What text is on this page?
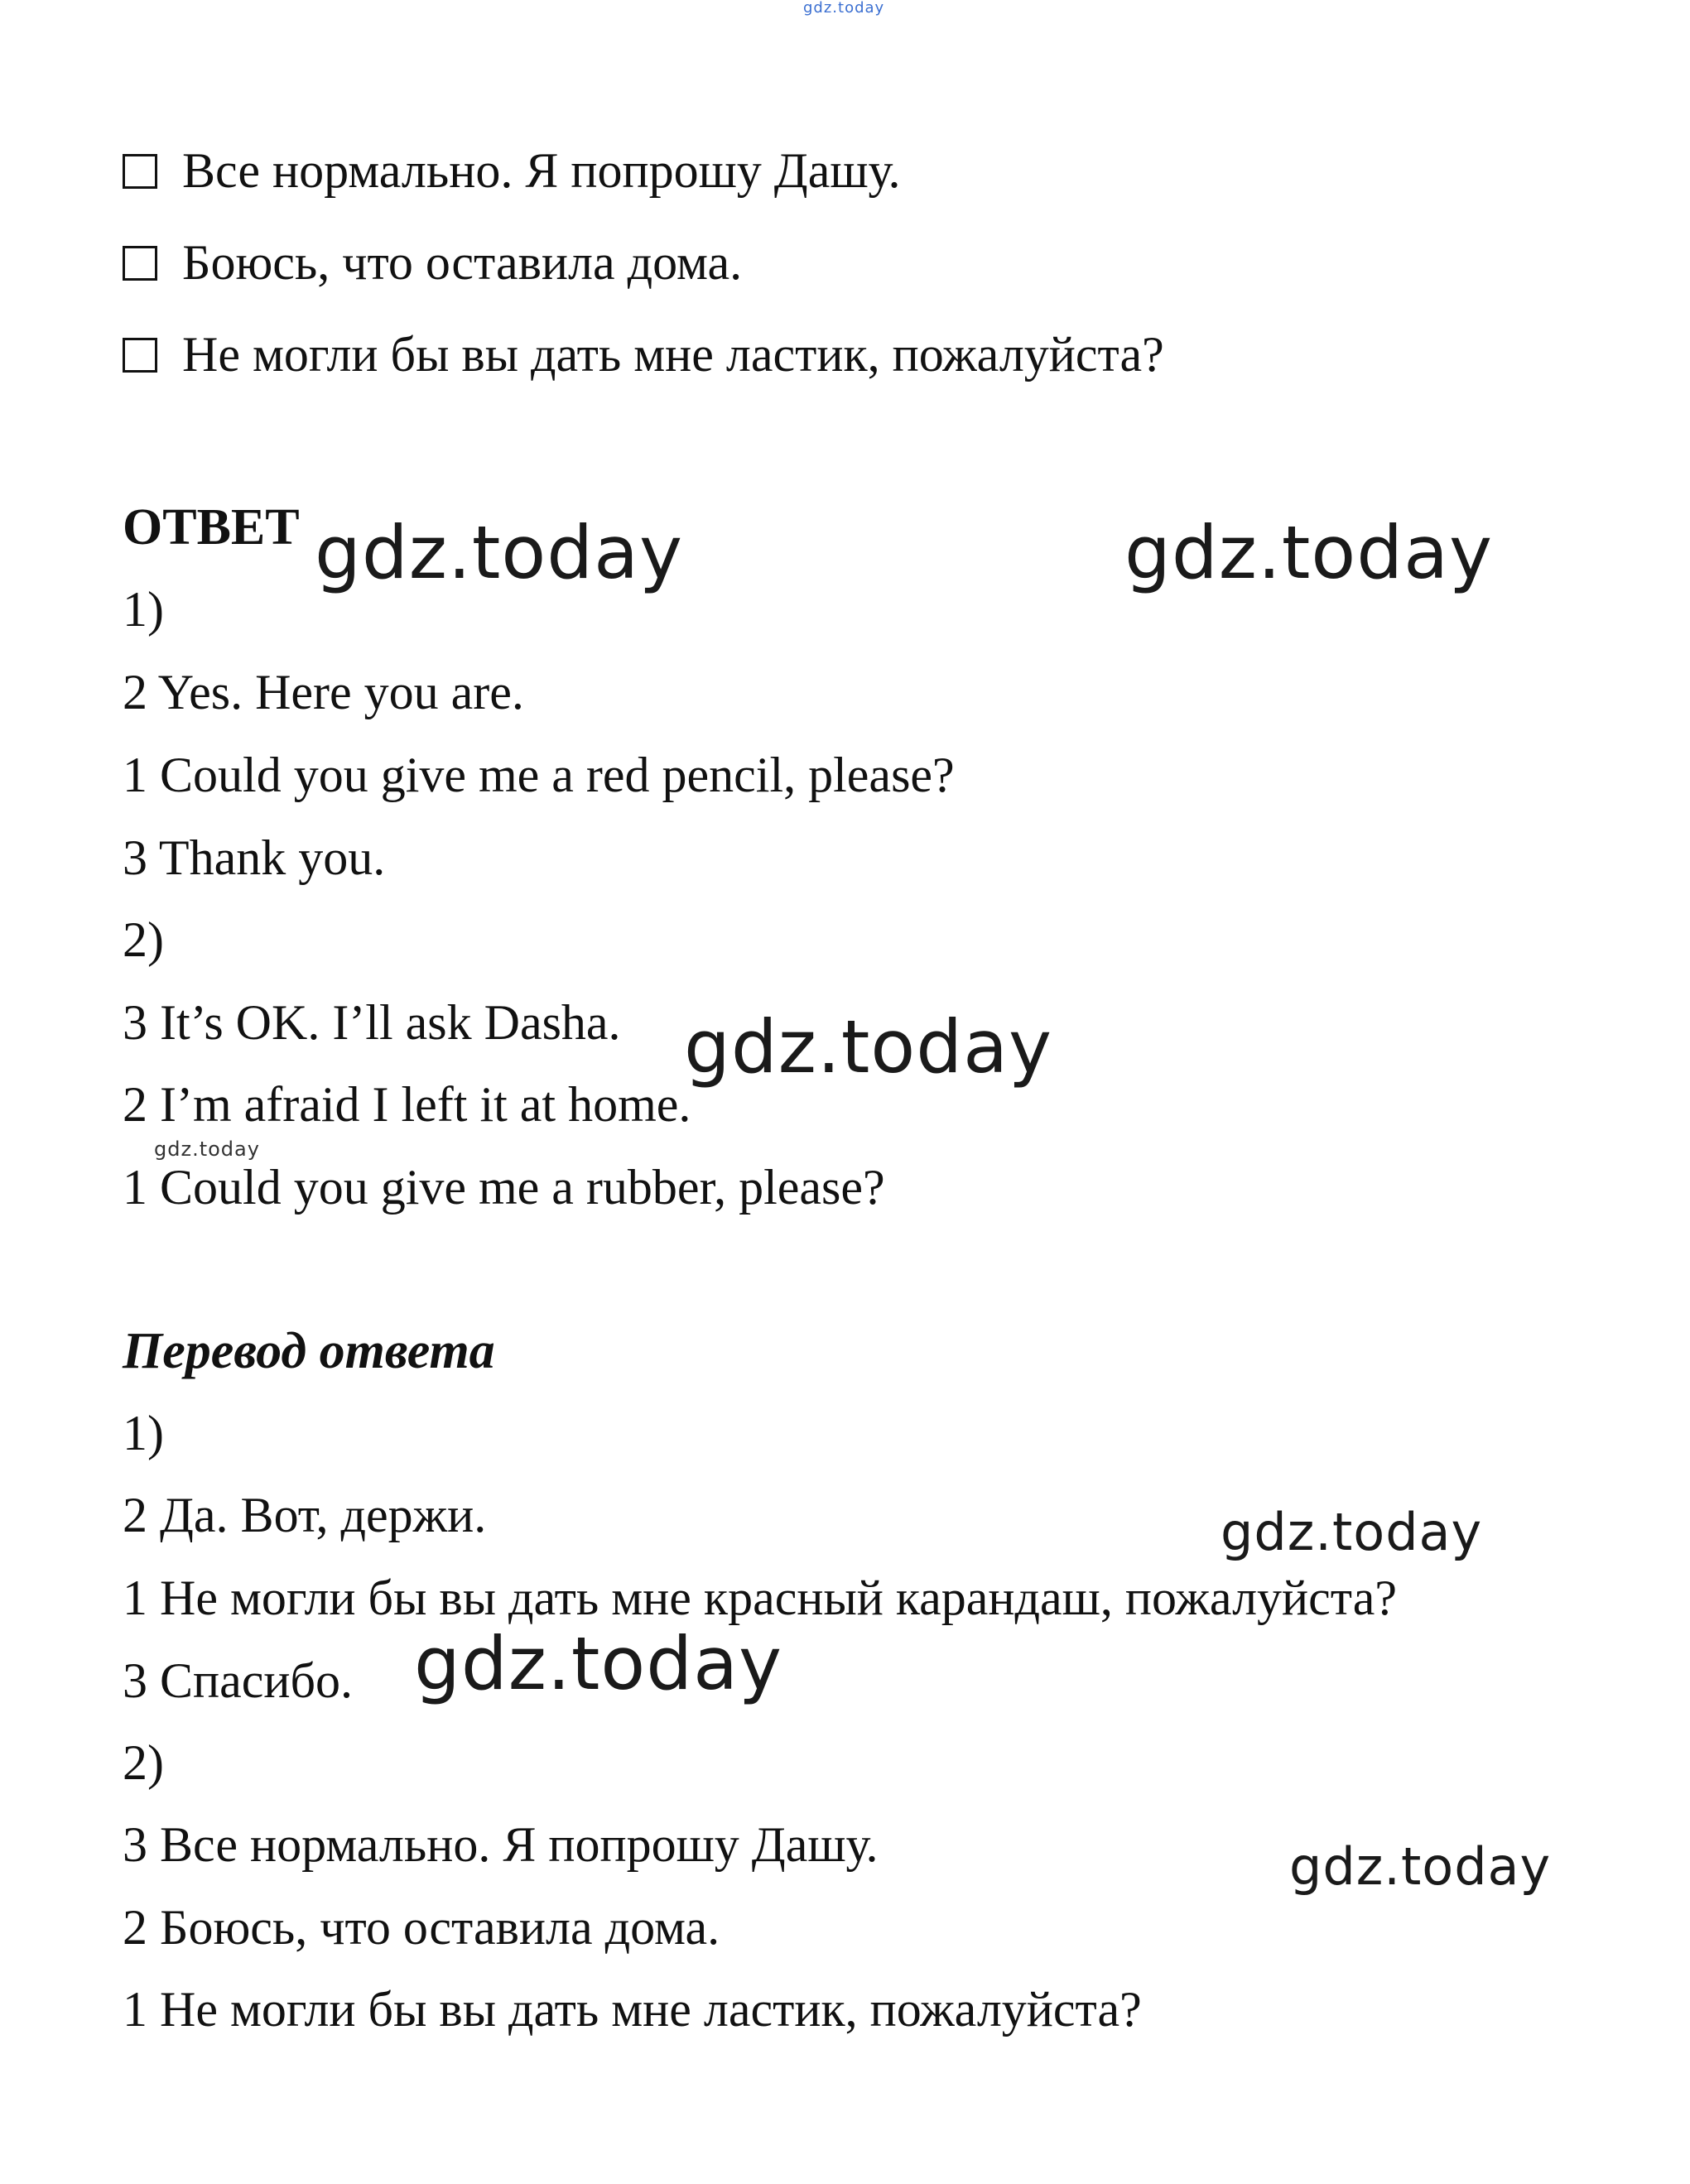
gdz.today
Все нормально. Я попрошу Дашу.
Боюсь, что оставила дома.
Не могли бы вы дать мне ластик, пожалуйста?
ОТВЕТ
1)
2 Yes. Here you are.
1 Could you give me a red pencil, please?
3 Thank you.
2)
3 It’s OK. I’ll ask Dasha.
2 I’m afraid I left it at home.
1 Could you give me a rubber, please?
Перевод ответа
1)
2 Да. Вот, держи.
1 Не могли бы вы дать мне красный карандаш, пожалуйста?
3 Спасибо.
2)
3 Все нормально. Я попрошу Дашу.
2 Боюсь, что оставила дома.
1 Не могли бы вы дать мне ластик, пожалуйста?
gdz.today	gdz.today
gdz.today
gdz.today
gdz.today
gdz.today
gdz.today
